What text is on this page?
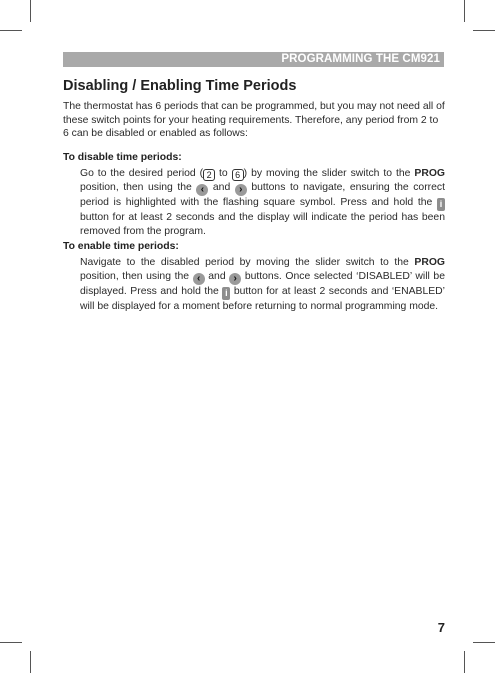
PROGRAMMING THE CM921
Disabling / Enabling Time Periods

The thermostat has 6 periods that can be programmed, but you may not need all of these switch points for your heating requirements. Therefore, any period from 2 to 6 can be disabled or enabled as follows:

To disable time periods:

Go to the desired period ( 2 to 6 ) by moving the slider switch to the PROG position, then using the ‹ and › buttons to navigate, ensuring the correct period is highlighted with the flashing square symbol. Press and hold the i button for at least 2 seconds and the display will indicate the period has been removed from the program.

To enable time periods:

Navigate to the disabled period by moving the slider switch to the PROG position, then using the ‹ and › buttons. Once selected ‘DISABLED’ will be displayed. Press and hold the i button for at least 2 seconds and ‘ENABLED’ will be displayed for a moment before returning to normal programming mode.

7
